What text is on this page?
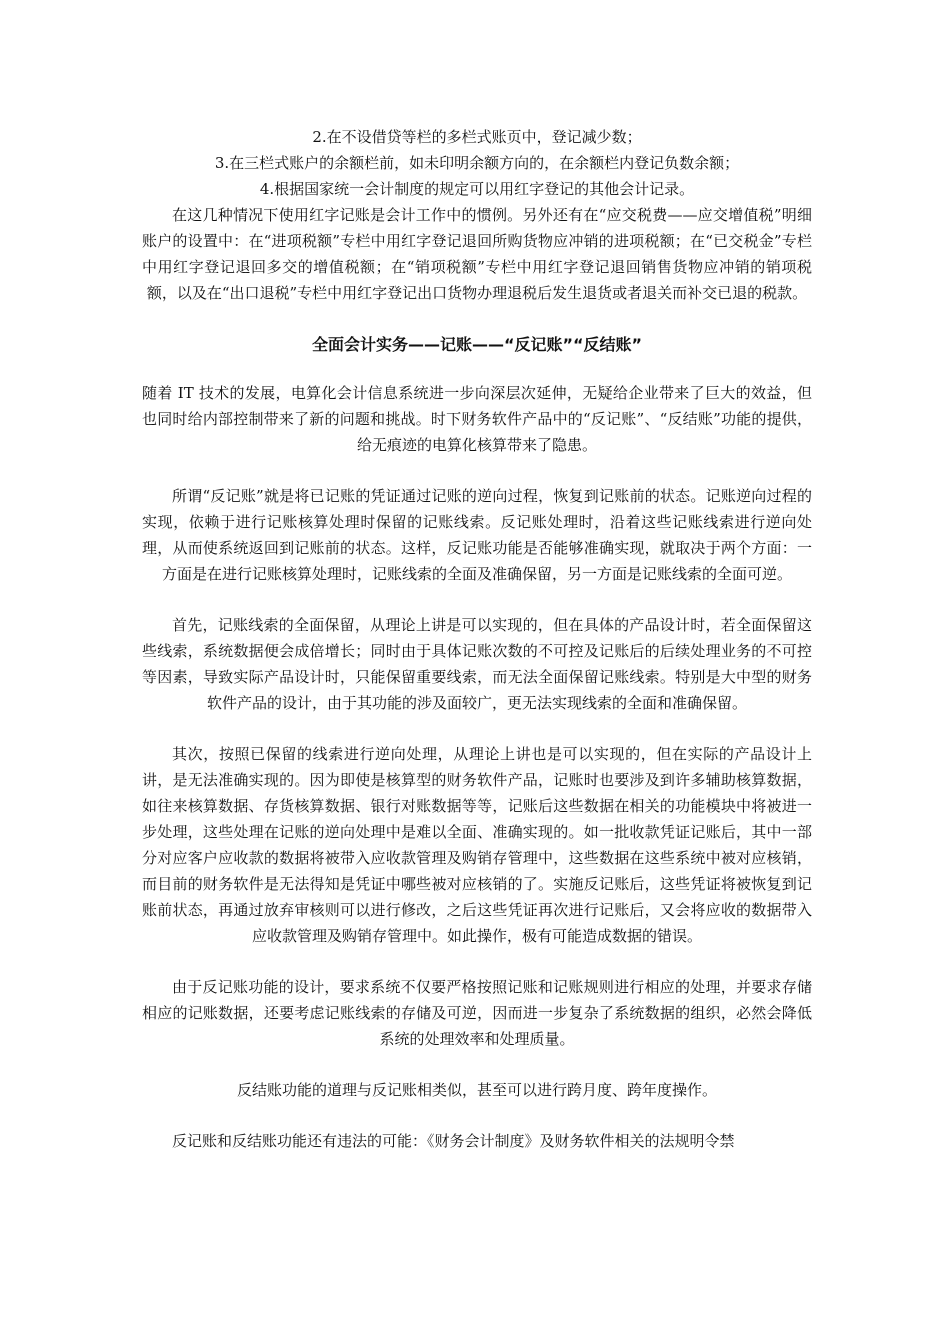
2.在不设借贷等栏的多栏式账页中，登记减少数；
3.在三栏式账户的余额栏前，如未印明余额方向的，在余额栏内登记负数余额；
4.根据国家统一会计制度的规定可以用红字登记的其他会计记录。

在这几种情况下使用红字记账是会计工作中的惯例。另外还有在“应交税费——应交增值税”明细账户的设置中：在“进项税额”专栏中用红字登记退回所购货物应冲销的进项税额；在“已交税金”专栏中用红字登记退回多交的增值税额；在“销项税额”专栏中用红字登记退回销售货物应冲销的销项税额，以及在“出口退税”专栏中用红字登记出口货物办理退税后发生退货或者退关而补交已退的税款。

全面会计实务——记账——“反记账”“反结账”

随着 IT 技术的发展，电算化会计信息系统进一步向深层次延伸，无疑给企业带来了巨大的效益，但也同时给内部控制带来了新的问题和挑战。时下财务软件产品中的“反记账”、“反结账”功能的提供，给无痕迹的电算化核算带来了隐患。

所谓“反记账”就是将已记账的凭证通过记账的逆向过程，恢复到记账前的状态。记账逆向过程的实现，依赖于进行记账核算处理时保留的记账线索。反记账处理时，沿着这些记账线索进行逆向处理，从而使系统返回到记账前的状态。这样，反记账功能是否能够准确实现，就取决于两个方面：一方面是在进行记账核算处理时，记账线索的全面及准确保留，另一方面是记账线索的全面可逆。

首先，记账线索的全面保留，从理论上讲是可以实现的，但在具体的产品设计时，若全面保留这些线索，系统数据便会成倍增长；同时由于具体记账次数的不可控及记账后的后续处理业务的不可控等因素，导致实际产品设计时，只能保留重要线索，而无法全面保留记账线索。特别是大中型的财务软件产品的设计，由于其功能的涉及面较广，更无法实现线索的全面和准确保留。

其次，按照已保留的线索进行逆向处理，从理论上讲也是可以实现的，但在实际的产品设计上讲，是无法准确实现的。因为即使是核算型的财务软件产品，记账时也要涉及到许多辅助核算数据，如往来核算数据、存货核算数据、银行对账数据等等，记账后这些数据在相关的功能模块中将被进一步处理，这些处理在记账的逆向处理中是难以全面、准确实现的。如一批收款凭证记账后，其中一部分对应客户应收款的数据将被带入应收款管理及购销存管理中，这些数据在这些系统中被对应核销，而目前的财务软件是无法得知是凭证中哪些被对应核销的了。实施反记账后，这些凭证将被恢复到记账前状态，再通过放弃审核则可以进行修改，之后这些凭证再次进行记账后，又会将应收的数据带入应收款管理及购销存管理中。如此操作，极有可能造成数据的错误。

由于反记账功能的设计，要求系统不仅要严格按照记账和记账规则进行相应的处理，并要求存储相应的记账数据，还要考虑记账线索的存储及可逆，因而进一步复杂了系统数据的组织，必然会降低系统的处理效率和处理质量。

反结账功能的道理与反记账相类似，甚至可以进行跨月度、跨年度操作。

反记账和反结账功能还有违法的可能：《财务会计制度》及财务软件相关的法规明令禁
